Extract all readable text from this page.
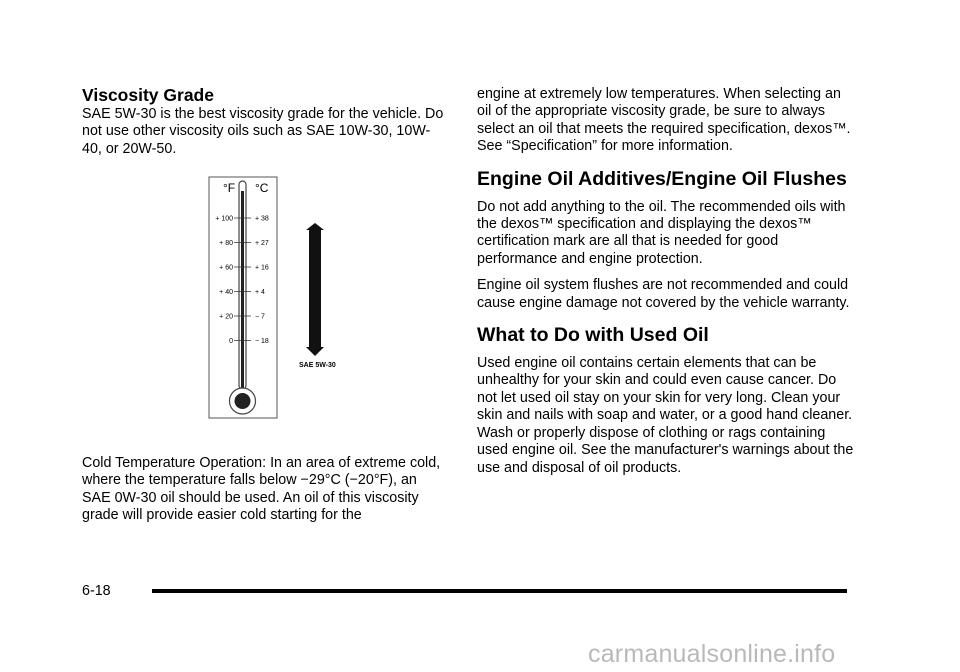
Viscosity Grade

SAE 5W-30 is the best viscosity grade for the vehicle. Do not use other viscosity oils such as SAE 10W-30, 10W-40, or 20W-50.

°F °C
+ 100	+ 38
+ 80	+ 27
+ 60	+ 16
+ 40	+ 4
+ 20	− 7
0	− 18
SAE 5W-30

Cold Temperature Operation: In an area of extreme cold, where the temperature falls below −29°C (−20°F), an SAE 0W-30 oil should be used. An oil of this viscosity grade will provide easier cold starting for the

engine at extremely low temperatures. When selecting an oil of the appropriate viscosity grade, be sure to always select an oil that meets the required specification, dexos™. See “Specification” for more information.

Engine Oil Additives/Engine Oil Flushes

Do not add anything to the oil. The recommended oils with the dexos™ specification and displaying the dexos™ certification mark are all that is needed for good performance and engine protection.

Engine oil system flushes are not recommended and could cause engine damage not covered by the vehicle warranty.

What to Do with Used Oil

Used engine oil contains certain elements that can be unhealthy for your skin and could even cause cancer. Do not let used oil stay on your skin for very long. Clean your skin and nails with soap and water, or a good hand cleaner. Wash or properly dispose of clothing or rags containing used engine oil. See the manufacturer's warnings about the use and disposal of oil products.

6-18
carmanualsonline.info
